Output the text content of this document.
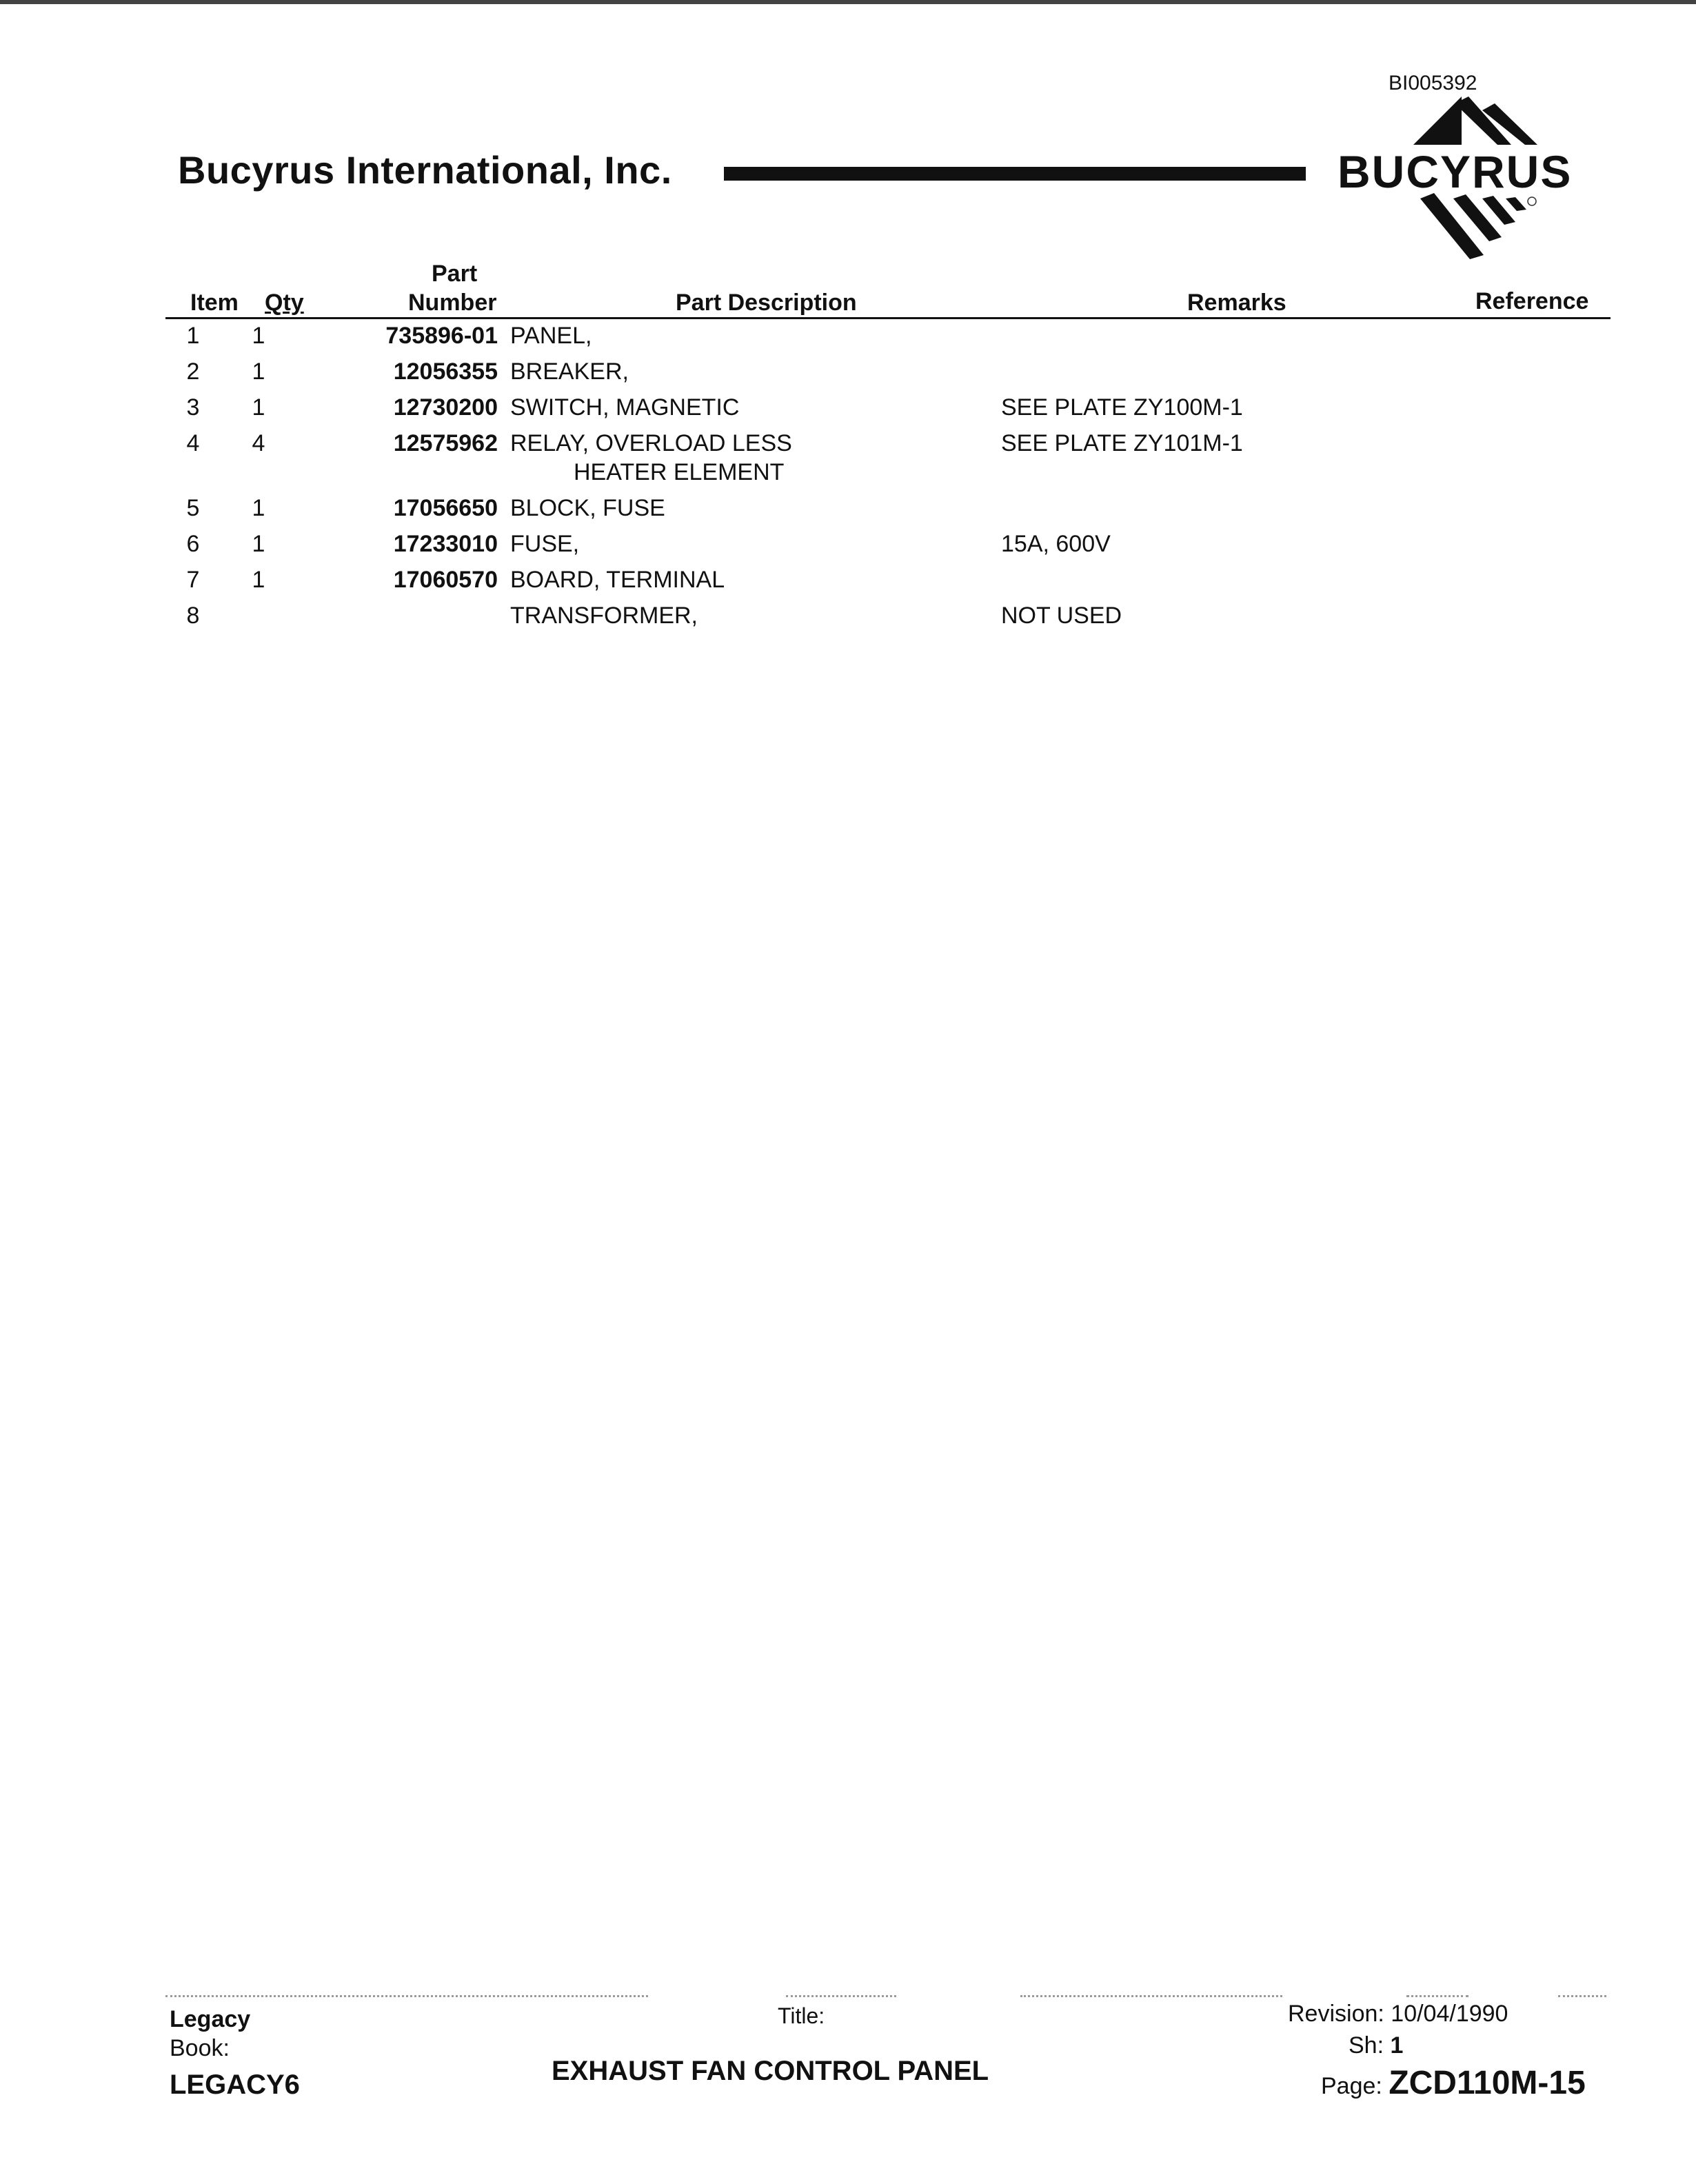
BI005392
Bucyrus International, Inc.	BUCYRUS
Item Qty
Part
Number	Part Description	Remarks	Reference
1	1	735896-01	PANEL,		

2	1	12056355	BREAKER,		

3	1	12730200	SWITCH, MAGNETIC	SEE PLATE ZY100M-1	
4	4	12575962	RELAY, OVERLOAD LESS
HEATER ELEMENT	SEE PLATE ZY101M-1	
5	1	17056650	BLOCK, FUSE		

6	1	17233010	FUSE,	15A, 600V	
7	1	17060570	BOARD, TERMINAL		

8			TRANSFORMER,	NOT USED	
Legacy
Book:
LEGACY6
Title:
EXHAUST FAN CONTROL PANEL
Revision: 10/04/1990
Sh: 1
Page: ZCD110M-15
